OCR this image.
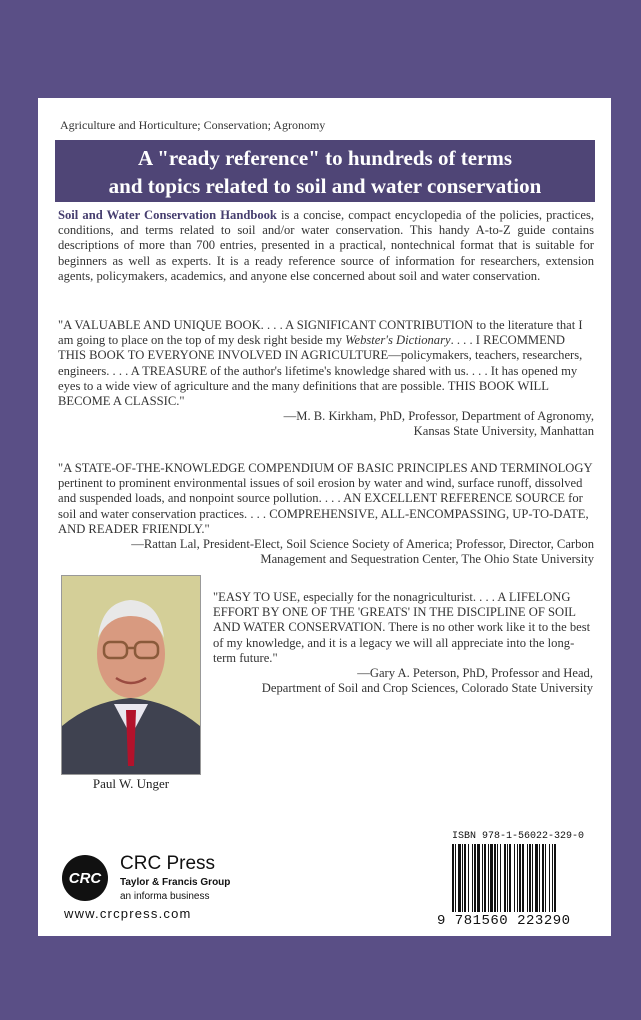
Agriculture and Horticulture; Conservation; Agronomy
A "ready reference" to hundreds of terms
and topics related to soil and water conservation
Soil and Water Conservation Handbook is a concise, compact encyclopedia of the policies, practices, conditions, and terms related to soil and/or water conservation. This handy A-to-Z guide contains descriptions of more than 700 entries, presented in a practical, nontechnical format that is suitable for beginners as well as experts. It is a ready reference source of information for researchers, extension agents, policymakers, academics, and anyone else concerned about soil and water conservation.
"A VALUABLE AND UNIQUE BOOK. . . . A SIGNIFICANT CONTRIBUTION to the literature that I am going to place on the top of my desk right beside my Webster's Dictionary. . . . I RECOMMEND THIS BOOK TO EVERYONE INVOLVED IN AGRICULTURE—policymakers, teachers, researchers, engineers. . . . A TREASURE of the author's lifetime's knowledge shared with us. . . . It has opened my eyes to a wide view of agriculture and the many definitions that are possible. THIS BOOK WILL BECOME A CLASSIC."
—M. B. Kirkham, PhD, Professor, Department of Agronomy,
Kansas State University, Manhattan
"A STATE-OF-THE-KNOWLEDGE COMPENDIUM OF BASIC PRINCIPLES AND TERMINOLOGY pertinent to prominent environmental issues of soil erosion by water and wind, surface runoff, dissolved and suspended loads, and nonpoint source pollution. . . . AN EXCELLENT REFERENCE SOURCE for soil and water conservation practices. . . . COMPREHENSIVE, ALL-ENCOMPASSING, UP-TO-DATE, AND READER FRIENDLY."
—Rattan Lal, President-Elect, Soil Science Society of America; Professor, Director, Carbon
Management and Sequestration Center, The Ohio State University
Paul W. Unger
"EASY TO USE, especially for the nonagriculturist. . . . A LIFELONG EFFORT BY ONE OF THE 'GREATS' IN THE DISCIPLINE OF SOIL AND WATER CONSERVATION. There is no other work like it to the best of my knowledge, and it is a legacy we will all appreciate into the long-term future."
—Gary A. Peterson, PhD, Professor and Head,
Department of Soil and Crop Sciences, Colorado State University
CRC
CRC Press
Taylor & Francis Group
an informa business
www.crcpress.com
ISBN 978-1-56022-329-0
9 781560 223290
